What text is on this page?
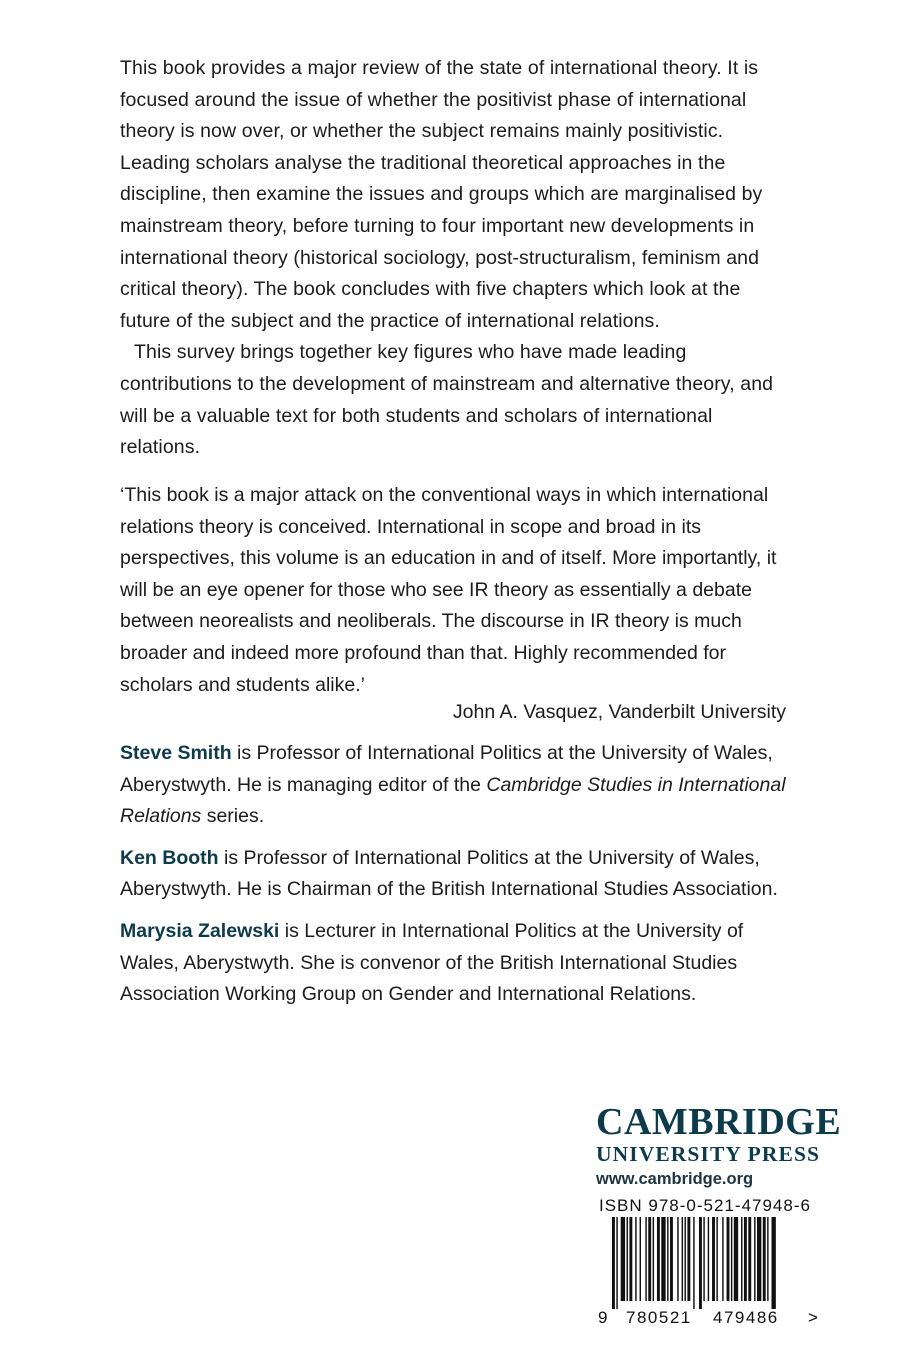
This book provides a major review of the state of international theory. It is focused around the issue of whether the positivist phase of international theory is now over, or whether the subject remains mainly positivistic. Leading scholars analyse the traditional theoretical approaches in the discipline, then examine the issues and groups which are marginalised by mainstream theory, before turning to four important new developments in international theory (historical sociology, post-structuralism, feminism and critical theory). The book concludes with five chapters which look at the future of the subject and the practice of international relations.

This survey brings together key figures who have made leading contributions to the development of mainstream and alternative theory, and will be a valuable text for both students and scholars of international relations.

‘This book is a major attack on the conventional ways in which international relations theory is conceived. International in scope and broad in its perspectives, this volume is an education in and of itself. More importantly, it will be an eye opener for those who see IR theory as essentially a debate between neorealists and neoliberals. The discourse in IR theory is much broader and indeed more profound than that. Highly recommended for scholars and students alike.’

John A. Vasquez, Vanderbilt University

Steve Smith is Professor of International Politics at the University of Wales, Aberystwyth. He is managing editor of the Cambridge Studies in International Relations series.

Ken Booth is Professor of International Politics at the University of Wales, Aberystwyth. He is Chairman of the British International Studies Association.

Marysia Zalewski is Lecturer in International Politics at the University of Wales, Aberystwyth. She is convenor of the British International Studies Association Working Group on Gender and International Relations.

CAMBRIDGE
UNIVERSITY PRESS
www.cambridge.org
ISBN 978-0-521-47948-6
9 780521 479486 >
